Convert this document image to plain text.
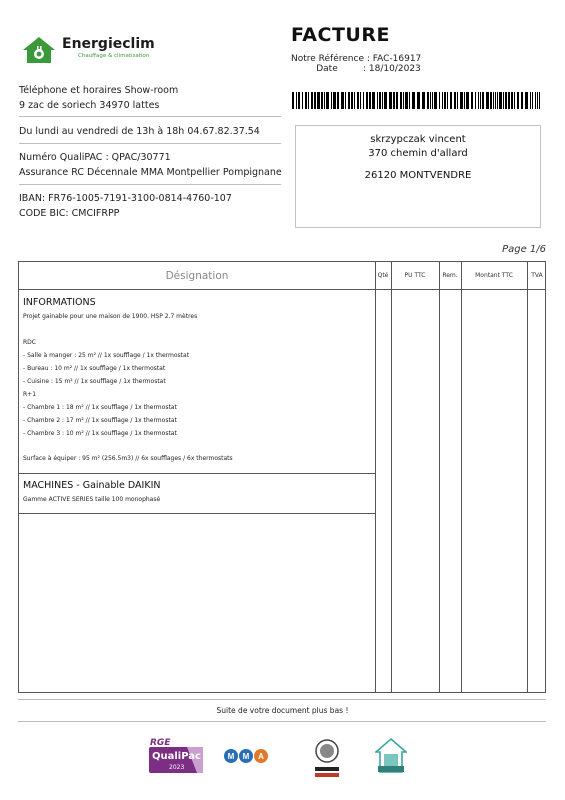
Energieclim
Chauffage & climatisation
Téléphone et horaires Show-room
9 zac de soriech 34970 lattes
Du lundi au vendredi de 13h à 18h 04.67.82.37.54
Numéro QualiPAC : QPAC/30771
Assurance RC Décennale MMA Montpellier Pompignane
IBAN: FR76-1005-7191-3100-0814-4760-107
CODE BIC: CMCIFRPP
FACTURE
Notre Référence : FAC-16917
Date	: 18/10/2023
skrzypczak vincent
370 chemin d'allard
26120 MONTVENDRE
Page 1/6
Désignation	Qté	PU TTC	Rem.	Montant TTC	TVA
INFORMATIONS
Projet gainable pour une maison de 1900. HSP 2.7 mètres
RDC
- Salle à manger : 25 m² // 1x soufflage / 1x thermostat
- Bureau : 10 m² // 1x soufflage / 1x thermostat
- Cuisine : 15 m² // 1x soufflage / 1x thermostat
R+1
- Chambre 1 : 18 m² // 1x soufflage / 1x thermostat
- Chambre 2 : 17 m² // 1x soufflage / 1x thermostat
- Chambre 3 : 10 m² // 1x soufflage / 1x thermostat
Surface à équiper : 95 m² (256.5m3) // 6x soufflages / 6x thermostats
MACHINES - Gainable DAIKIN
Gamme ACTIVE SERIES taille 100 monophasé
Suite de votre document plus bas !
RGE
QualiPac
2023
M M A
